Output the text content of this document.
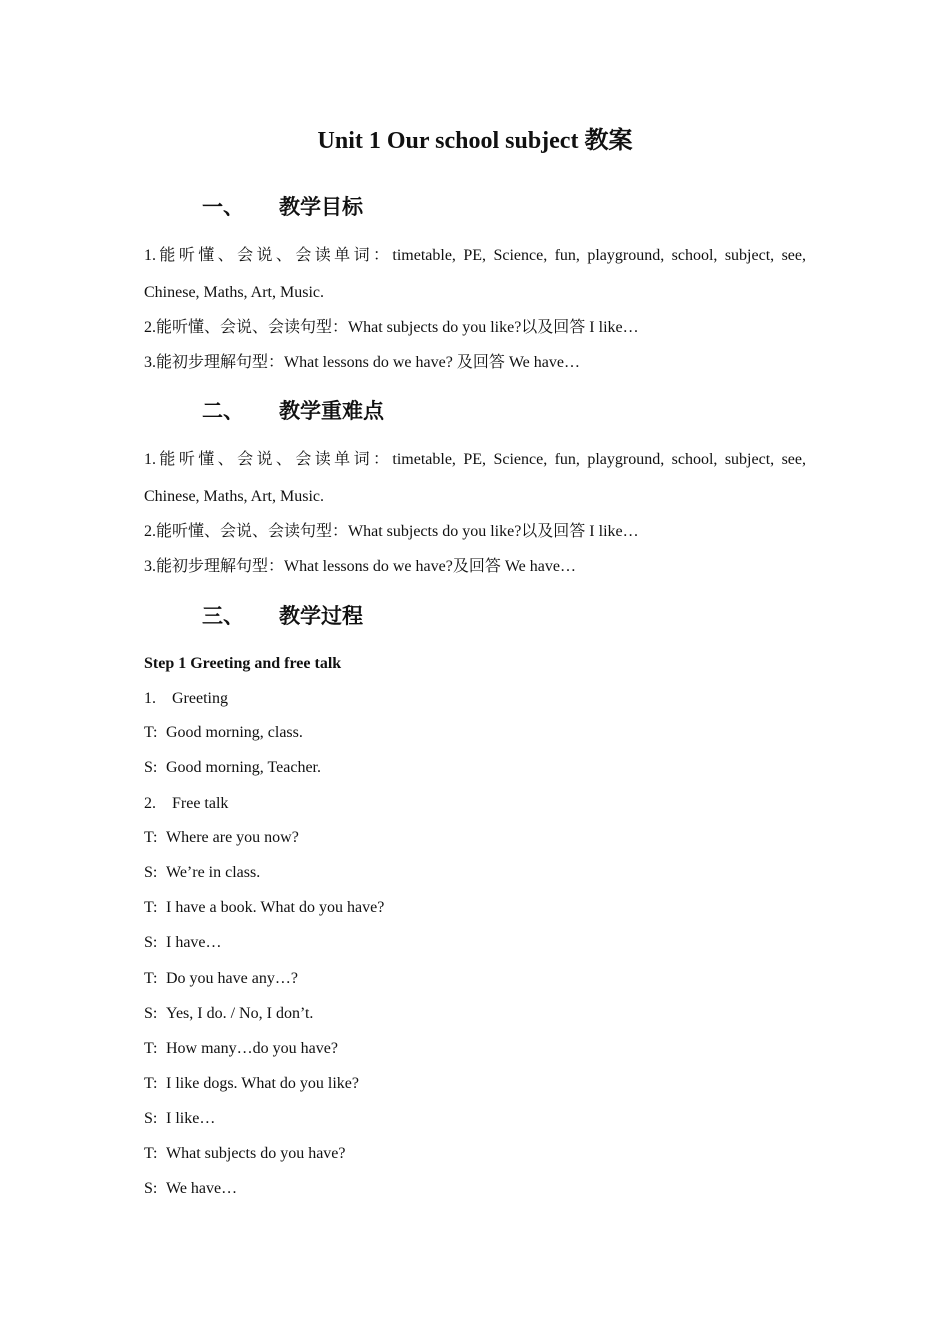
Unit 1 Our school subject 教案
一、 教学目标
1.能听懂、会说、会读单词：timetable, PE, Science, fun, playground, school, subject, see,
Chinese, Maths, Art, Music.
2.能听懂、会说、会读句型：What subjects do you like?以及回答 I like…
3.能初步理解句型：What lessons do we have? 及回答 We have…
二、 教学重难点
1.能听懂、会说、会读单词：timetable, PE, Science, fun, playground, school, subject, see,
Chinese, Maths, Art, Music.
2.能听懂、会说、会读句型：What subjects do you like?以及回答 I like…
3.能初步理解句型：What lessons do we have?及回答 We have…
三、 教学过程
Step 1 Greeting and free talk
1. Greeting
T: Good morning, class.
S: Good morning, Teacher.
2. Free talk
T: Where are you now?
S: We’re in class.
T: I have a book. What do you have?
S: I have…
T: Do you have any…?
S: Yes, I do. / No, I don’t.
T: How many…do you have?
T: I like dogs. What do you like?
S: I like…
T: What subjects do you have?
S: We have…
